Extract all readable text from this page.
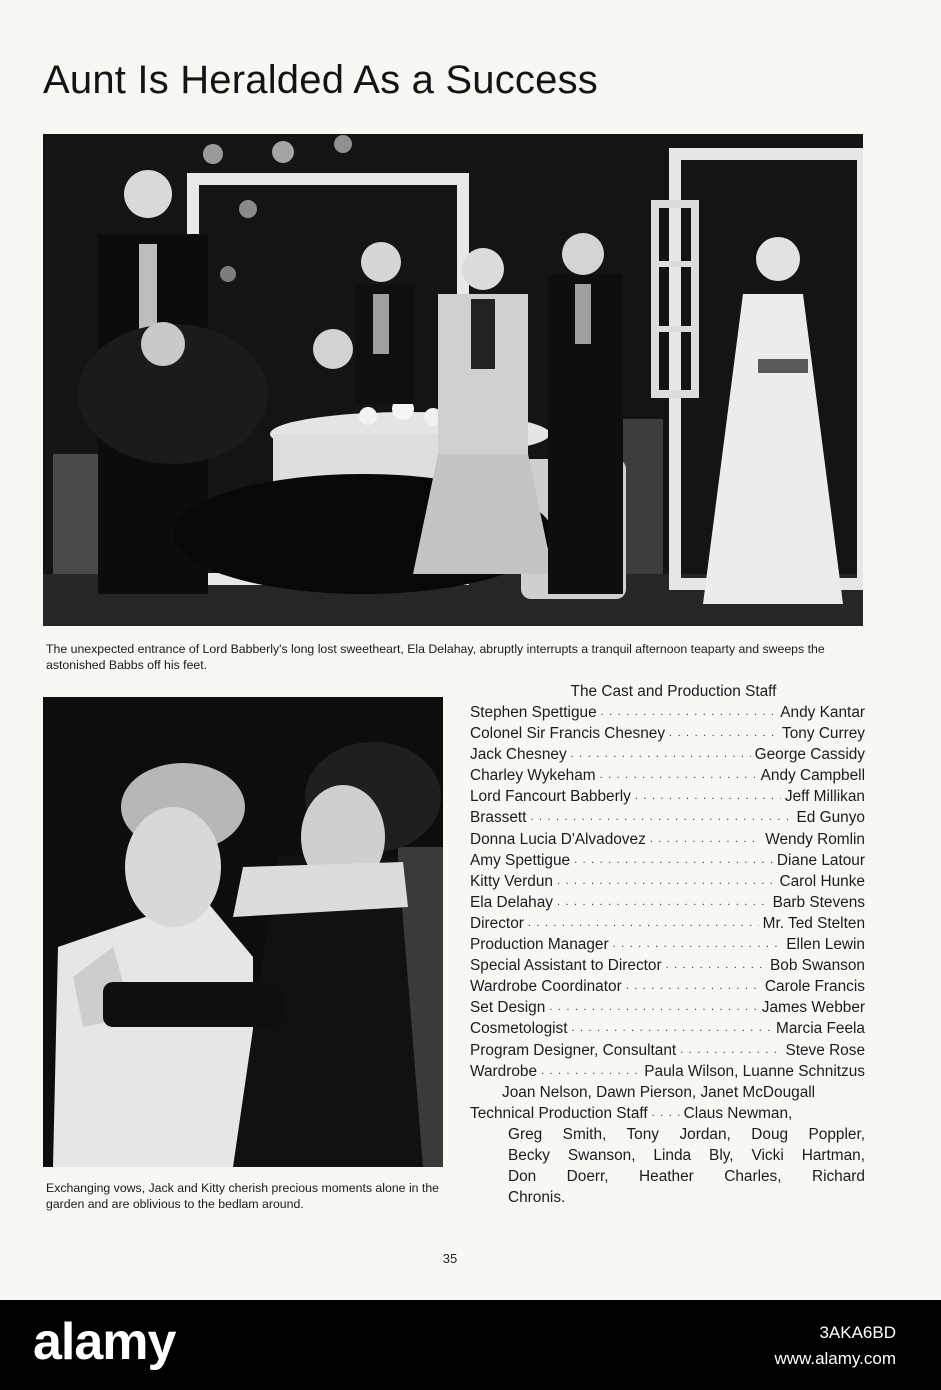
Aunt Is Heralded As a Success
The unexpected entrance of Lord Babberly's long lost sweetheart, Ela Delahay, abruptly interrupts a tranquil afternoon teaparty and sweeps the astonished Babbs off his feet.
Exchanging vows, Jack and Kitty cherish precious moments alone in the garden and are oblivious to the bedlam around.
The Cast and Production Staff
Stephen Spettigue . . .	Andy Kantar
Colonel Sir Francis Chesney . . .	Tony Currey
Jack Chesney . . .	George Cassidy
Charley Wykeham . . .	Andy Campbell
Lord Fancourt Babberly . . .	Jeff Millikan
Brassett . . .	Ed Gunyo
Donna Lucia D'Alvadovez . . .	Wendy Romlin
Amy Spettigue . . .	Diane Latour
Kitty Verdun . . .	Carol Hunke
Ela Delahay . . .	Barb Stevens
Director . . .	Mr. Ted Stelten
Production Manager . . .	Ellen Lewin
Special Assistant to Director . . .	Bob Swanson
Wardrobe Coordinator . . .	Carole Francis
Set Design . . .	James Webber
Cosmetologist . . .	Marcia Feela
Program Designer, Consultant . . .	Steve Rose
Wardrobe . . .	Paula Wilson, Luanne Schnitzus
Joan Nelson, Dawn Pierson, Janet McDougall
Technical Production Staff . . . Claus Newman,
Greg Smith, Tony Jordan, Doug Poppler,
Becky Swanson, Linda Bly, Vicki Hartman,
Don Doerr, Heather Charles, Richard
Chronis.
35
alamy	3AKA6BD
www.alamy.com
